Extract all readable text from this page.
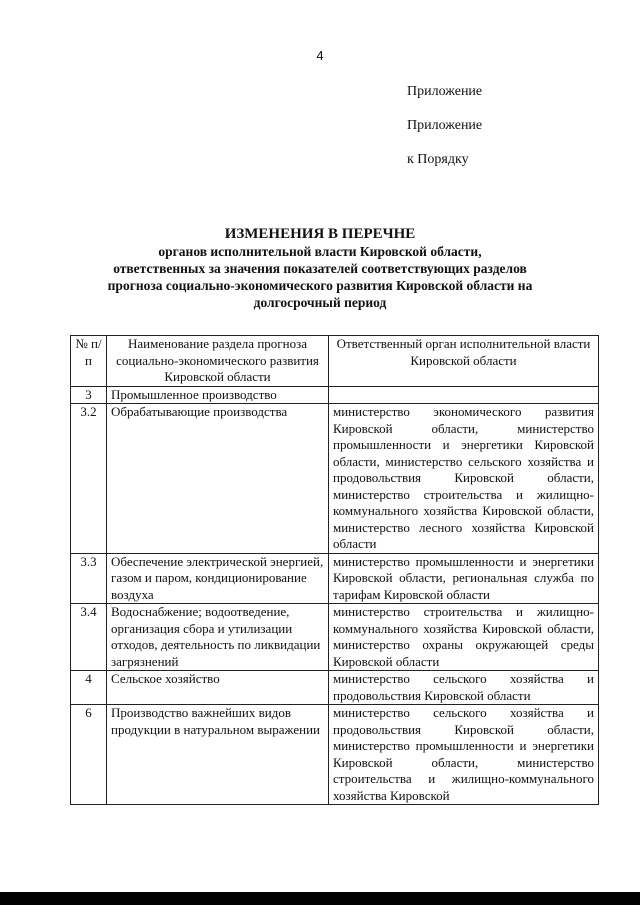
4
Приложение
Приложение
к Порядку
ИЗМЕНЕНИЯ В ПЕРЕЧНЕ
органов исполнительной власти Кировской области,
ответственных за значения показателей соответствующих разделов
прогноза социально-экономического развития Кировской области на
долгосрочный период
№ п/п	Наименование раздела прогноза социально-экономического развития Кировской области	Ответственный орган исполнительной власти Кировской области
3	Промышленное производство	
3.2	Обрабатывающие производства	министерство экономического развития Кировской области, министерство промышленности и энергетики Кировской области, министерство сельского хозяйства и продовольствия Кировской области, министерство строительства и жилищно-коммунального хозяйства Кировской области, министерство лесного хозяйства Кировской области
3.3	Обеспечение электрической энергией, газом и паром, кондиционирование воздуха	министерство промышленности и энергетики Кировской области, региональная служба по тарифам Кировской области
3.4	Водоснабжение; водоотведение, организация сбора и утилизации отходов, деятельность по ликвидации загрязнений	министерство строительства и жилищно-коммунального хозяйства Кировской области, министерство охраны окружающей среды Кировской области
4	Сельское хозяйство	министерство сельского хозяйства и продовольствия Кировской области
6	Производство важнейших видов продукции в натуральном выражении	министерство сельского хозяйства и продовольствия Кировской области, министерство промышленности и энергетики Кировской области, министерство строительства и жилищно-коммунального хозяйства Кировской
